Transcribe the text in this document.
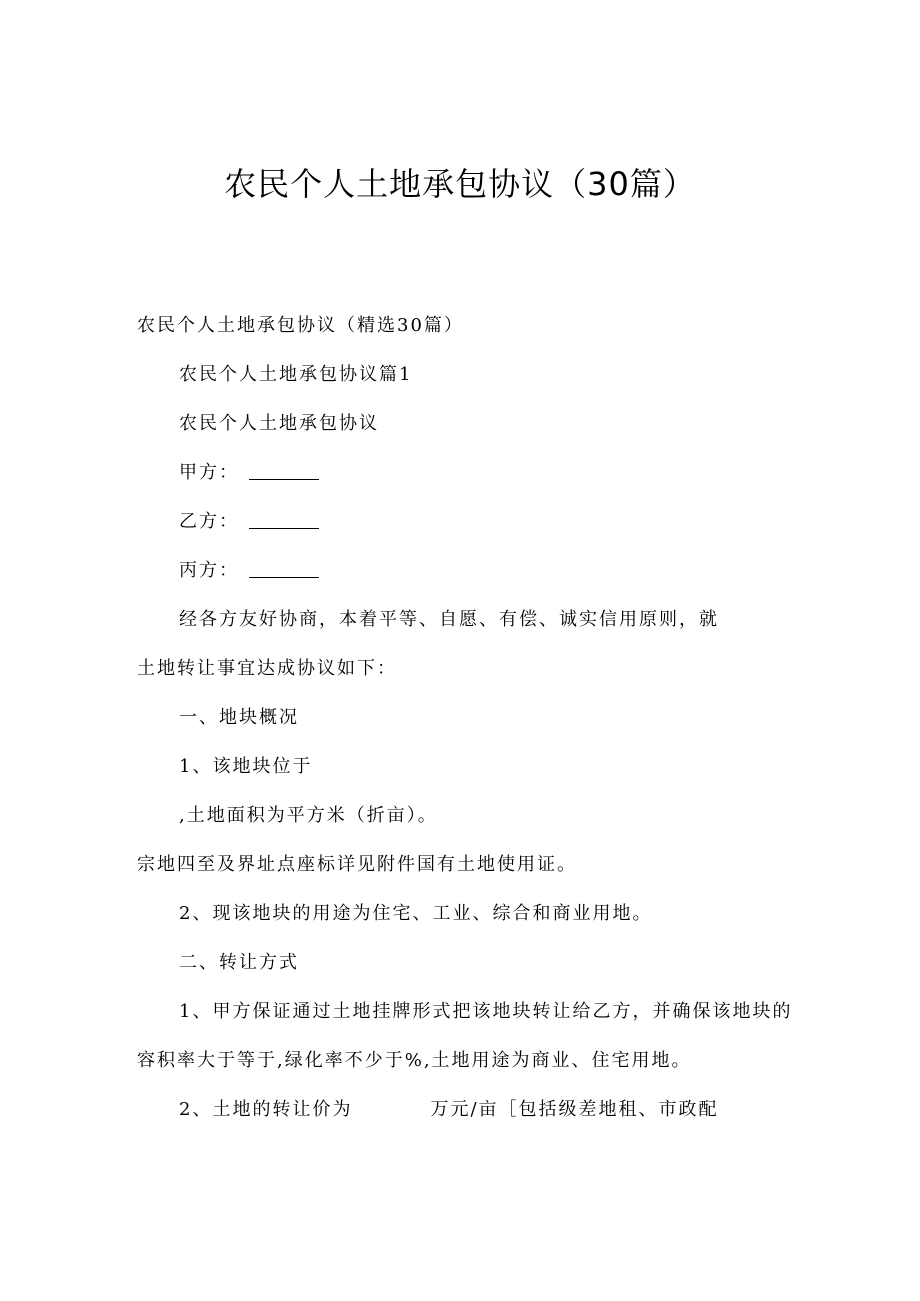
农民个人土地承包协议（30篇）
农民个人土地承包协议（精选30篇）
农民个人土地承包协议篇1
农民个人土地承包协议
甲方：
乙方：
丙方：
经各方友好协商，本着平等、自愿、有偿、诚实信用原则，就
土地转让事宜达成协议如下：
一、地块概况
1、该地块位于
,土地面积为平方米（折亩）。
宗地四至及界址点座标详见附件国有土地使用证。
2、现该地块的用途为住宅、工业、综合和商业用地。
二、转让方式
1、甲方保证通过土地挂牌形式把该地块转让给乙方，并确保该地块的
容积率大于等于,绿化率不少于%,土地用途为商业、住宅用地。
2、土地的转让价为	万元/亩［包括级差地租、市政配
